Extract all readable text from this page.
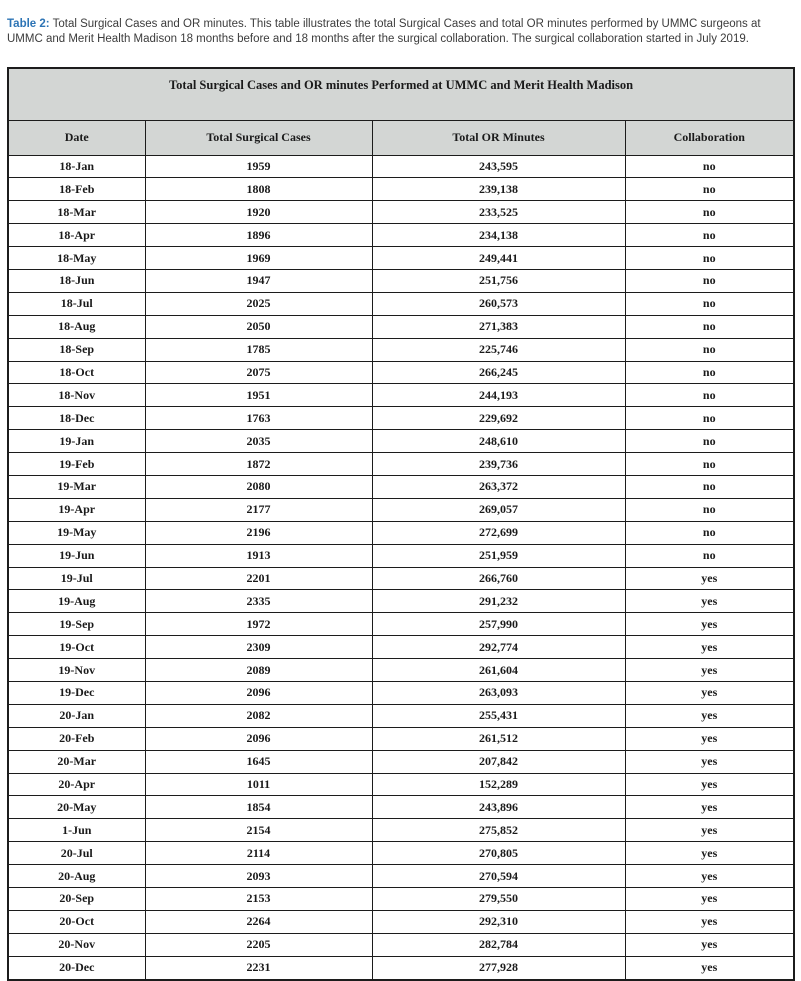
Table 2: Total Surgical Cases and OR minutes. This table illustrates the total Surgical Cases and total OR minutes performed by UMMC surgeons at UMMC and Merit Health Madison 18 months before and 18 months after the surgical collaboration. The surgical collaboration started in July 2019.

Total Surgical Cases and OR minutes Performed at UMMC and Merit Health Madison			
Date	Total Surgical Cases	Total OR Minutes	Collaboration
18-Jan	1959	243,595	no
18-Feb	1808	239,138	no
18-Mar	1920	233,525	no
18-Apr	1896	234,138	no
18-May	1969	249,441	no
18-Jun	1947	251,756	no
18-Jul	2025	260,573	no
18-Aug	2050	271,383	no
18-Sep	1785	225,746	no
18-Oct	2075	266,245	no
18-Nov	1951	244,193	no
18-Dec	1763	229,692	no
19-Jan	2035	248,610	no
19-Feb	1872	239,736	no
19-Mar	2080	263,372	no
19-Apr	2177	269,057	no
19-May	2196	272,699	no
19-Jun	1913	251,959	no
19-Jul	2201	266,760	yes
19-Aug	2335	291,232	yes
19-Sep	1972	257,990	yes
19-Oct	2309	292,774	yes
19-Nov	2089	261,604	yes
19-Dec	2096	263,093	yes
20-Jan	2082	255,431	yes
20-Feb	2096	261,512	yes
20-Mar	1645	207,842	yes
20-Apr	1011	152,289	yes
20-May	1854	243,896	yes
1-Jun	2154	275,852	yes
20-Jul	2114	270,805	yes
20-Aug	2093	270,594	yes
20-Sep	2153	279,550	yes
20-Oct	2264	292,310	yes
20-Nov	2205	282,784	yes
20-Dec	2231	277,928	yes
